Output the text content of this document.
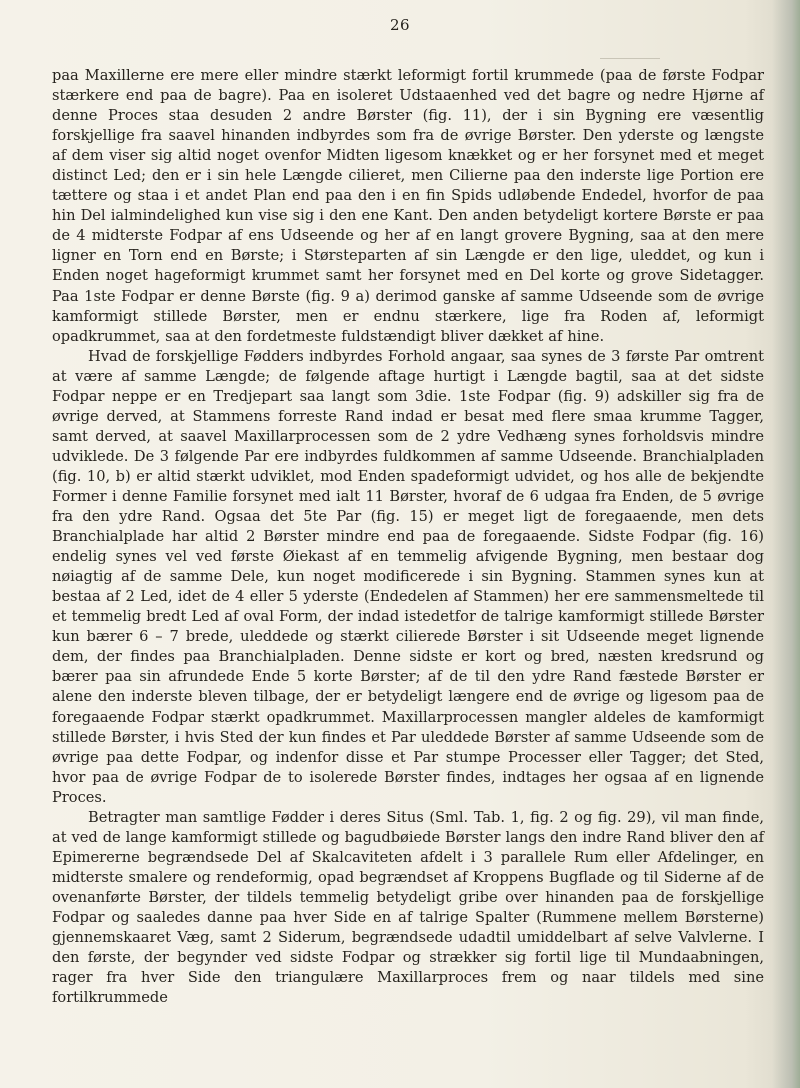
26

paa Maxillerne ere mere eller mindre stærkt leformigt fortil krummede (paa de første Fodpar stærkere end paa de bagre). Paa en isoleret Udstaaenhed ved det bagre og nedre Hjørne af denne Proces staa desuden 2 andre Børster (fig. 11), der i sin Bygning ere væsentlig forskjellige fra saavel hinanden indbyrdes som fra de øvrige Børster. Den yderste og længste af dem viser sig altid noget ovenfor Midten ligesom knækket og er her forsynet med et meget distinct Led; den er i sin hele Længde cilieret, men Cilierne paa den inderste lige Portion ere tættere og staa i et andet Plan end paa den i en fin Spids udløbende Endedel, hvorfor de paa hin Del ialmindelighed kun vise sig i den ene Kant. Den anden betydeligt kortere Børste er paa de 4 midterste Fodpar af ens Udseende og her af en langt grovere Bygning, saa at den mere ligner en Torn end en Børste; i Størsteparten af sin Længde er den lige, uleddet, og kun i Enden noget hageformigt krummet samt her forsynet med en Del korte og grove Sidetagger. Paa 1ste Fodpar er denne Børste (fig. 9 a) derimod ganske af samme Udseende som de øvrige kamformigt stillede Børster, men er endnu stærkere, lige fra Roden af, leformigt opadkrummet, saa at den fordetmeste fuldstændigt bliver dækket af hine.

Hvad de forskjellige Fødders indbyrdes Forhold angaar, saa synes de 3 første Par omtrent at være af samme Længde; de følgende aftage hurtigt i Længde bagtil, saa at det sidste Fodpar neppe er en Tredjepart saa langt som 3die. 1ste Fodpar (fig. 9) adskiller sig fra de øvrige derved, at Stammens forreste Rand indad er besat med flere smaa krumme Tagger, samt derved, at saavel Maxillarprocessen som de 2 ydre Vedhæng synes forholdsvis mindre udviklede. De 3 følgende Par ere indbyrdes fuldkommen af samme Udseende. Branchialpladen (fig. 10, b) er altid stærkt udviklet, mod Enden spadeformigt udvidet, og hos alle de bekjendte Former i denne Familie forsynet med ialt 11 Børster, hvoraf de 6 udgaa fra Enden, de 5 øvrige fra den ydre Rand. Ogsaa det 5te Par (fig. 15) er meget ligt de foregaaende, men dets Branchialplade har altid 2 Børster mindre end paa de foregaaende. Sidste Fodpar (fig. 16) endelig synes vel ved første Øiekast af en temmelig afvigende Bygning, men bestaar dog nøiagtig af de samme Dele, kun noget modificerede i sin Bygning. Stammen synes kun at bestaa af 2 Led, idet de 4 eller 5 yderste (Endedelen af Stammen) her ere sammensmeltede til et temmelig bredt Led af oval Form, der indad istedetfor de talrige kamformigt stillede Børster kun bærer 6 – 7 brede, uleddede og stærkt cilierede Børster i sit Udseende meget lignende dem, der findes paa Branchialpladen. Denne sidste er kort og bred, næsten kredsrund og bærer paa sin afrundede Ende 5 korte Børster; af de til den ydre Rand fæstede Børster er alene den inderste bleven tilbage, der er betydeligt længere end de øvrige og ligesom paa de foregaaende Fodpar stærkt opadkrummet. Maxillarprocessen mangler aldeles de kamformigt stillede Børster, i hvis Sted der kun findes et Par uleddede Børster af samme Udseende som de øvrige paa dette Fodpar, og indenfor disse et Par stumpe Processer eller Tagger; det Sted, hvor paa de øvrige Fodpar de to isolerede Børster findes, indtages her ogsaa af en lignende Proces.

Betragter man samtlige Fødder i deres Situs (Sml. Tab. 1, fig. 2 og fig. 29), vil man finde, at ved de lange kamformigt stillede og bagudbøiede Børster langs den indre Rand bliver den af Epimererne begrændsede Del af Skalcaviteten afdelt i 3 parallele Rum eller Afdelinger, en midterste smalere og rendeformig, opad begrændset af Kroppens Bugflade og til Siderne af de ovenanførte Børster, der tildels temmelig betydeligt gribe over hinanden paa de forskjellige Fodpar og saaledes danne paa hver Side en af talrige Spalter (Rummene mellem Børsterne) gjennemskaaret Væg, samt 2 Siderum, begrændsede udadtil umiddelbart af selve Valvlerne. I den første, der begynder ved sidste Fodpar og strækker sig fortil lige til Mundaabningen, rager fra hver Side den triangulære Maxillarproces frem og naar tildels med sine fortilkrummede
